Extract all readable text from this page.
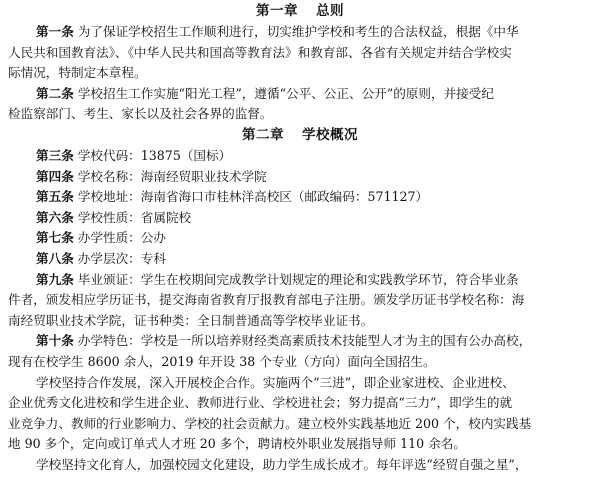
第一章 总则
第一条 为了保证学校招生工作顺利进行，切实维护学校和考生的合法权益，根据《中华
人民共和国教育法》、《中华人民共和国高等教育法》和教育部、各省有关规定并结合学校实
际情况，特制定本章程。
第二条 学校招生工作实施“阳光工程”，遵循“公平、公正、公开”的原则，并接受纪
检监察部门、考生、家长以及社会各界的监督。
第二章 学校概况
第三条 学校代码：13875（国标）
第四条 学校名称：海南经贸职业技术学院
第五条 学校地址：海南省海口市桂林洋高校区（邮政编码：571127）
第六条 学校性质：省属院校
第七条 办学性质：公办
第八条 办学层次：专科
第九条 毕业颁证：学生在校期间完成教学计划规定的理论和实践教学环节，符合毕业条
件者，颁发相应学历证书，提交海南省教育厅报教育部电子注册。颁发学历证书学校名称：海
南经贸职业技术学院，证书种类：全日制普通高等学校毕业证书。
第十条 办学特色：学校是一所以培养财经类高素质技术技能型人才为主的国有公办高校，
现有在校学生 8600 余人，2019 年开设 38 个专业（方向）面向全国招生。
学校坚持合作发展，深入开展校企合作。实施两个“三进”，即企业家进校、企业进校、
企业优秀文化进校和学生进企业、教师进行业、学校进社会；努力提高“三力”，即学生的就
业竞争力、教师的行业影响力、学校的社会贡献力。建立校外实践基地近 200 个，校内实践基
地 90 多个，定向或订单式人才班 20 多个，聘请校外职业发展指导师 110 余名。
学校坚持文化育人，加强校园文化建设，助力学生成长成才。每年评选“经贸自强之星”，
